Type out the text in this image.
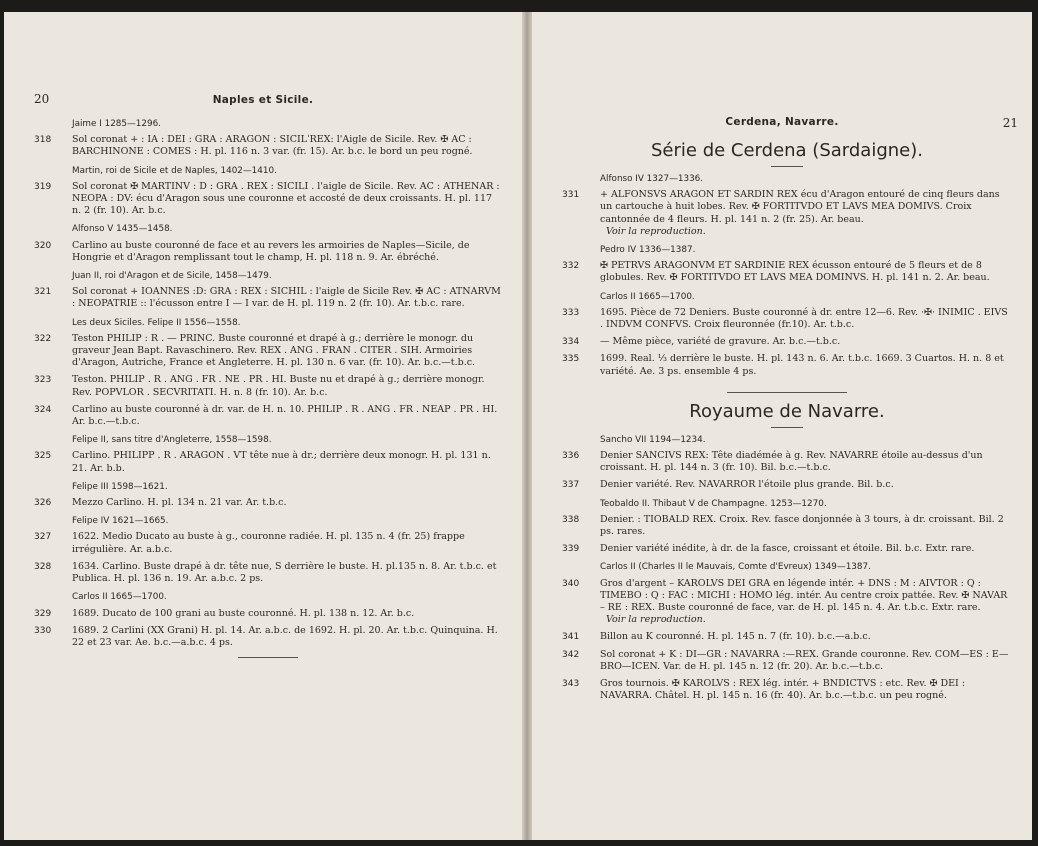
20	Naples et Sicile.
Jaime I 1285—1296.
318 Sol coronat + : IA : DEI : GRA : ARAGON : SICILˈREX: l'Aigle de Sicile. Rev. ✠ AC : BARCHINONE : COMES : H. pl. 116 n. 3 var. (fr. 15). Ar. b.c. le bord un peu rogné.
Martin, roi de Sicile et de Naples, 1402—1410.
319 Sol coronat ✠ MARTINV : D : GRA . REX : SICILI . l'aigle de Sicile. Rev. AC : ATHENAR : NEOPA : DV: écu d'Aragon sous une couronne et accosté de deux croissants. H. pl. 117 n. 2 (fr. 10). Ar. b.c.
Alfonso V 1435—1458.
320 Carlino au buste couronné de face et au revers les armoiries de Naples—Sicile, de Hongrie et d'Aragon remplissant tout le champ, H. pl. 118 n. 9. Ar. ébréché.
Juan II, roi d'Aragon et de Sicile, 1458—1479.
321 Sol coronat + IOANNES :D: GRA : REX : SICHIL : l'aigle de Sicile Rev. ✠ AC : ATNARVM : NEOPATRIE :: l'écusson entre I — I var. de H. pl. 119 n. 2 (fr. 10). Ar. t.b.c. rare.
Les deux Siciles. Felipe II 1556—1558.
322 Teston PHILIP : R . — PRINC. Buste couronné et drapé à g.; derrière le monogr. du graveur Jean Bapt. Ravaschinero. Rev. REX . ANG . FRAN . CITER . SIH. Armoiries d'Aragon, Autriche, France et Angleterre. H. pl. 130 n. 6 var. (fr. 10). Ar. b.c.—t.b.c.
323 Teston. PHILIP . R . ANG . FR . NE . PR . HI. Buste nu et drapé à g.; derrière monogr. Rev. POPVLOR . SECVRITATI. H. n. 8 (fr. 10). Ar. b.c.
324 Carlino au buste couronné à dr. var. de H. n. 10. PHILIP . R . ANG . FR . NEAP . PR . HI. Ar. b.c.—t.b.c.
Felipe II, sans titre d'Angleterre, 1558—1598.
325 Carlino. PHILIPP . R . ARAGON . VT tête nue à dr.; derrière deux monogr. H. pl. 131 n. 21. Ar. b.b.
Felipe III 1598—1621.
326 Mezzo Carlino. H. pl. 134 n. 21 var. Ar. t.b.c.
Felipe IV 1621—1665.
327 1622. Medio Ducato au buste à g., couronne radiée. H. pl. 135 n. 4 (fr. 25) frappe irrégulière. Ar. a.b.c.
328 1634. Carlino. Buste drapé à dr. tête nue, S derrière le buste. H. pl.135 n. 8. Ar. t.b.c. et Publica. H. pl. 136 n. 19. Ar. a.b.c. 2 ps.
Carlos II 1665—1700.
329 1689. Ducato de 100 grani au buste couronné. H. pl. 138 n. 12. Ar. b.c.
330 1689. 2 Carlini (XX Grani) H. pl. 14. Ar. a.b.c. de 1692. H. pl. 20. Ar. t.b.c. Quinquina. H. 22 et 23 var. Ae. b.c.—a.b.c. 4 ps.
Cerdena, Navarre.	21
Série de Cerdena (Sardaigne).
Alfonso IV 1327—1336.
331 + ALFONSVS ARAGON ET SARDIN REX écu d'Aragon entouré de cinq fleurs dans un cartouche à huit lobes. Rev. ✠ FORTITVDO ET LAVS MEA DOMIVS. Croix cantonnée de 4 fleurs. H. pl. 141 n. 2 (fr. 25). Ar. beau.
Voir la reproduction.
Pedro IV 1336—1387.
332 ✠ PETRVS ARAGONVM ET SARDINIE REX écusson entouré de 5 fleurs et de 8 globules. Rev. ✠ FORTITVDO ET LAVS MEA DOMINVS. H. pl. 141 n. 2. Ar. beau.
Carlos II 1665—1700.
333 1695. Pièce de 72 Deniers. Buste couronné à dr. entre 12—6. Rev. ·✠· INIMIC . EIVS . INDVM CONFVS. Croix fleuronnée (fr.10). Ar. t.b.c.
334 — Même pièce, variété de gravure. Ar. b.c.—t.b.c.
335 1699. Real. ⅓ derrière le buste. H. pl. 143 n. 6. Ar. t.b.c. 1669. 3 Cuartos. H. n. 8 et variété. Ae. 3 ps. ensemble 4 ps.
Royaume de Navarre.
Sancho VII 1194—1234.
336 Denier SANCIVS REX: Tête diadémée à g. Rev. NAVARRE étoile au-dessus d'un croissant. H. pl. 144 n. 3 (fr. 10). Bil. b.c.—t.b.c.
337 Denier variété. Rev. NAVARROR l'étoile plus grande. Bil. b.c.
Teobaldo II. Thibaut V de Champagne. 1253—1270.
338 Denier. : TIOBALD REX. Croix. Rev. fasce donjonnée à 3 tours, à dr. croissant. Bil. 2 ps. rares.
339 Denier variété inédite, à dr. de la fasce, croissant et étoile. Bil. b.c. Extr. rare.
Carlos II (Charles II le Mauvais, Comte d'Evreux) 1349—1387.
340 Gros d'argent – KAROLVS DEI GRA en légende intér. + DNS : M : AIVTOR : Q : TIMEBO : Q : FAC : MICHI : HOMO lég. intér. Au centre croix pattée. Rev. ✠ NAVAR – RE : REX. Buste couronné de face, var. de H. pl. 145 n. 4. Ar. t.b.c. Extr. rare.
Voir la reproduction.
341 Billon au K couronné. H. pl. 145 n. 7 (fr. 10). b.c.—a.b.c.
342 Sol coronat + K : DI—GR : NAVARRA :—REX. Grande couronne. Rev. COM—ES : E—BRO—ICEN. Var. de H. pl. 145 n. 12 (fr. 20). Ar. b.c.—t.b.c.
343 Gros tournois. ✠ KAROLVS : REX lég. intér. + BNDICTVS : etc. Rev. ✠ DEI : NAVARRA. Châtel. H. pl. 145 n. 16 (fr. 40). Ar. b.c.—t.b.c. un peu rogné.
